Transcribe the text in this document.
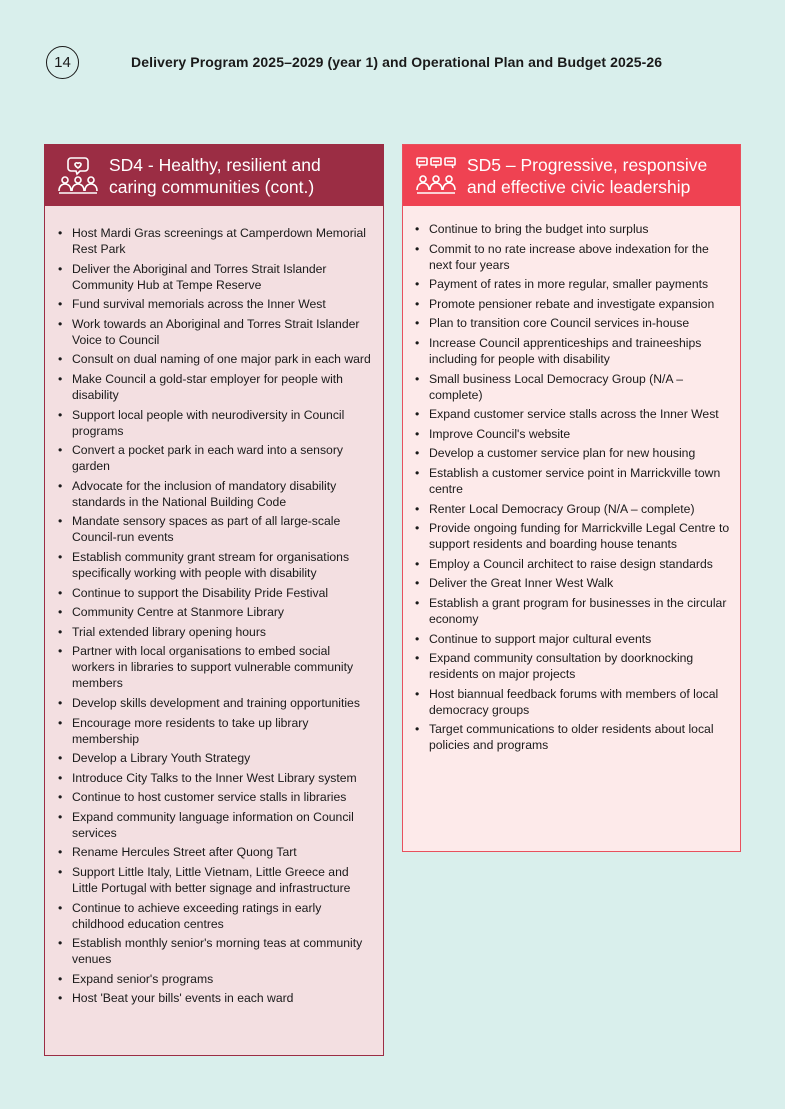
14	Delivery Program 2025–2029 (year 1) and Operational Plan and Budget 2025-26
SD4 - Healthy, resilient and
caring communities (cont.)
• Host Mardi Gras screenings at Camperdown Memorial Rest Park
• Deliver the Aboriginal and Torres Strait Islander Community Hub at Tempe Reserve
• Fund survival memorials across the Inner West
• Work towards an Aboriginal and Torres Strait Islander Voice to Council
• Consult on dual naming of one major park in each ward
• Make Council a gold-star employer for people with disability
• Support local people with neurodiversity in Council programs
• Convert a pocket park in each ward into a sensory garden
• Advocate for the inclusion of mandatory disability standards in the National Building Code
• Mandate sensory spaces as part of all large-scale Council-run events
• Establish community grant stream for organisations specifically working with people with disability
• Continue to support the Disability Pride Festival
• Community Centre at Stanmore Library
• Trial extended library opening hours
• Partner with local organisations to embed social workers in libraries to support vulnerable community members
• Develop skills development and training opportunities
• Encourage more residents to take up library membership
• Develop a Library Youth Strategy
• Introduce City Talks to the Inner West Library system
• Continue to host customer service stalls in libraries
• Expand community language information on Council services
• Rename Hercules Street after Quong Tart
• Support Little Italy, Little Vietnam, Little Greece and Little Portugal with better signage and infrastructure
• Continue to achieve exceeding ratings in early childhood education centres
• Establish monthly senior's morning teas at community venues
• Expand senior's programs
• Host 'Beat your bills' events in each ward
SD5 – Progressive, responsive
and effective civic leadership
• Continue to bring the budget into surplus
• Commit to no rate increase above indexation for the next four years
• Payment of rates in more regular, smaller payments
• Promote pensioner rebate and investigate expansion
• Plan to transition core Council services in-house
• Increase Council apprenticeships and traineeships including for people with disability
• Small business Local Democracy Group (N/A – complete)
• Expand customer service stalls across the Inner West
• Improve Council's website
• Develop a customer service plan for new housing
• Establish a customer service point in Marrickville town centre
• Renter Local Democracy Group (N/A – complete)
• Provide ongoing funding for Marrickville Legal Centre to support residents and boarding house tenants
• Employ a Council architect to raise design standards
• Deliver the Great Inner West Walk
• Establish a grant program for businesses in the circular economy
• Continue to support major cultural events
• Expand community consultation by doorknocking residents on major projects
• Host biannual feedback forums with members of local democracy groups
• Target communications to older residents about local policies and programs
